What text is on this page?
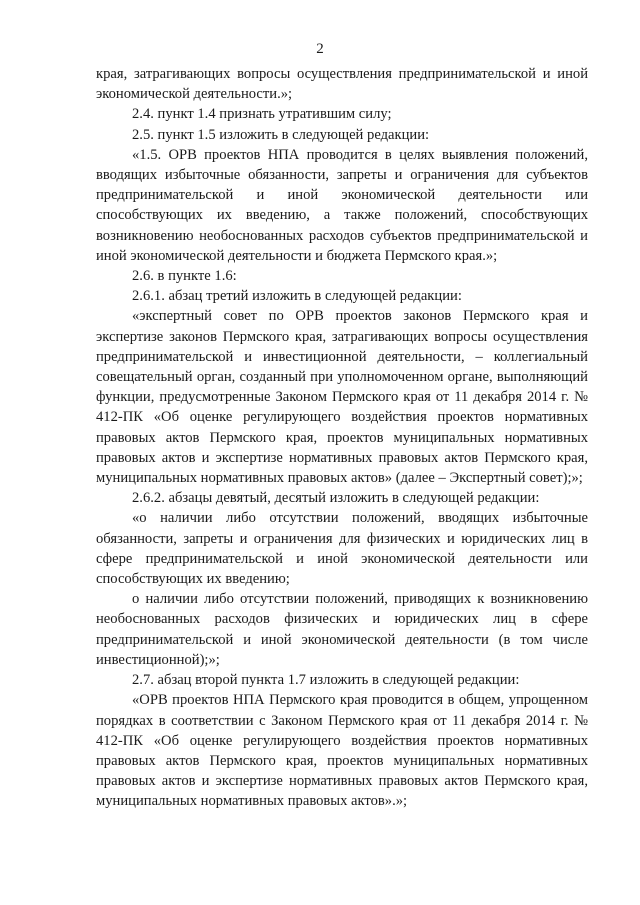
2

края, затрагивающих вопросы осуществления предпринимательской и иной экономической деятельности.»;

2.4. пункт 1.4 признать утратившим силу;

2.5. пункт 1.5 изложить в следующей редакции:

«1.5. ОРВ проектов НПА проводится в целях выявления положений, вводящих избыточные обязанности, запреты и ограничения для субъектов предпринимательской и иной экономической деятельности или способствующих их введению, а также положений, способствующих возникновению необоснованных расходов субъектов предпринимательской и иной экономической деятельности и бюджета Пермского края.»;

2.6. в пункте 1.6:

2.6.1. абзац третий изложить в следующей редакции:

«экспертный совет по ОРВ проектов законов Пермского края и экспертизе законов Пермского края, затрагивающих вопросы осуществления предпринимательской и инвестиционной деятельности, – коллегиальный совещательный орган, созданный при уполномоченном органе, выполняющий функции, предусмотренные Законом Пермского края от 11 декабря 2014 г. № 412-ПК «Об оценке регулирующего воздействия проектов нормативных правовых актов Пермского края, проектов муниципальных нормативных правовых актов и экспертизе нормативных правовых актов Пермского края, муниципальных нормативных правовых актов» (далее – Экспертный совет);»;

2.6.2. абзацы девятый, десятый изложить в следующей редакции:

«о наличии либо отсутствии положений, вводящих избыточные обязанности, запреты и ограничения для физических и юридических лиц в сфере предпринимательской и иной экономической деятельности или способствующих их введению;

о наличии либо отсутствии положений, приводящих к возникновению необоснованных расходов физических и юридических лиц в сфере предпринимательской и иной экономической деятельности (в том числе инвестиционной);»;

2.7. абзац второй пункта 1.7 изложить в следующей редакции:

«ОРВ проектов НПА Пермского края проводится в общем, упрощенном порядках в соответствии с Законом Пермского края от 11 декабря 2014 г. № 412-ПК «Об оценке регулирующего воздействия проектов нормативных правовых актов Пермского края, проектов муниципальных нормативных правовых актов и экспертизе нормативных правовых актов Пермского края, муниципальных нормативных правовых актов».»;
